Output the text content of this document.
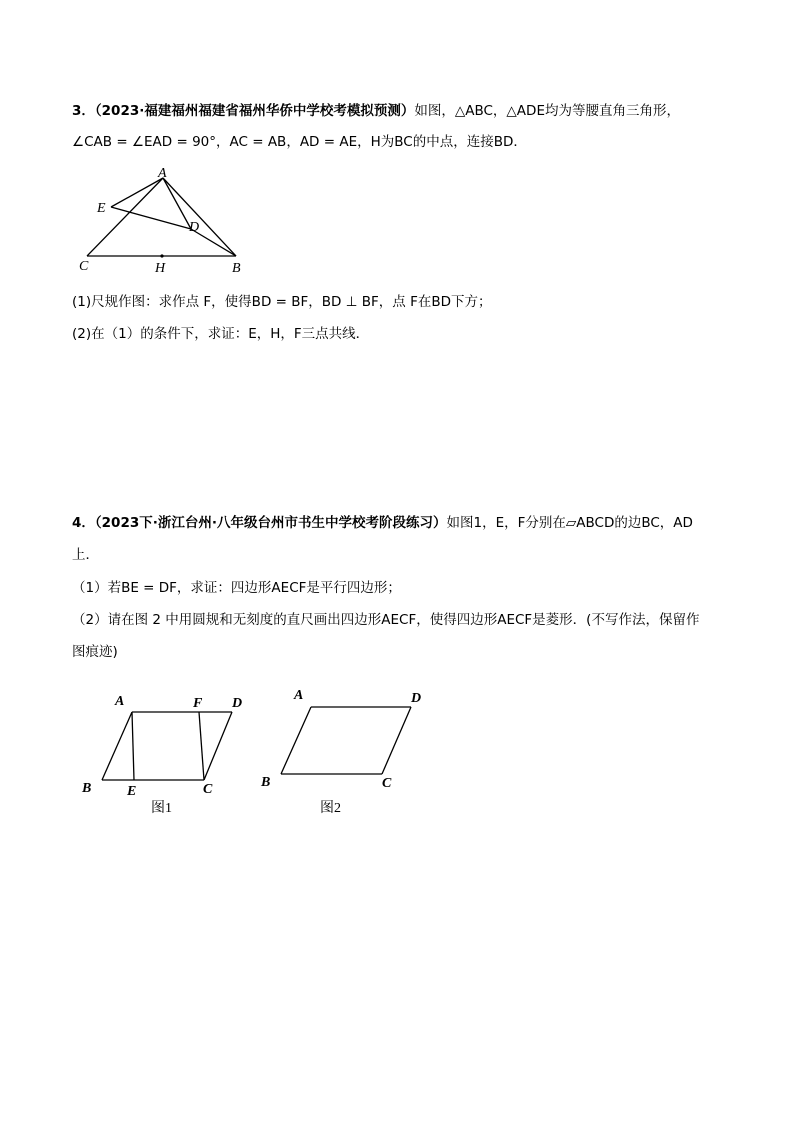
3．（2023·福建福州福建省福州华侨中学校考模拟预测）如图，△ABC，△ADE均为等腰直角三角形，
∠CAB = ∠EAD = 90°，AC = AB，AD = AE，H为BC的中点，连接BD．
A
E
D
C	H	B
(1)尺规作图：求作点 F，使得BD = BF，BD ⊥ BF，点 F在BD下方；
(2)在（1）的条件下，求证：E，H，F三点共线．
4．（2023下·浙江台州·八年级台州市书生中学校考阶段练习）如图1，E，F分别在▱ABCD的边BC，AD
上．
（1）若BE = DF，求证：四边形AECF是平行四边形；
（2）请在图 2 中用圆规和无刻度的直尺画出四边形AECF，使得四边形AECF是菱形．(不写作法，保留作
图痕迹)
A	F D
B	E	C
A	D
B	C
图1	图2
